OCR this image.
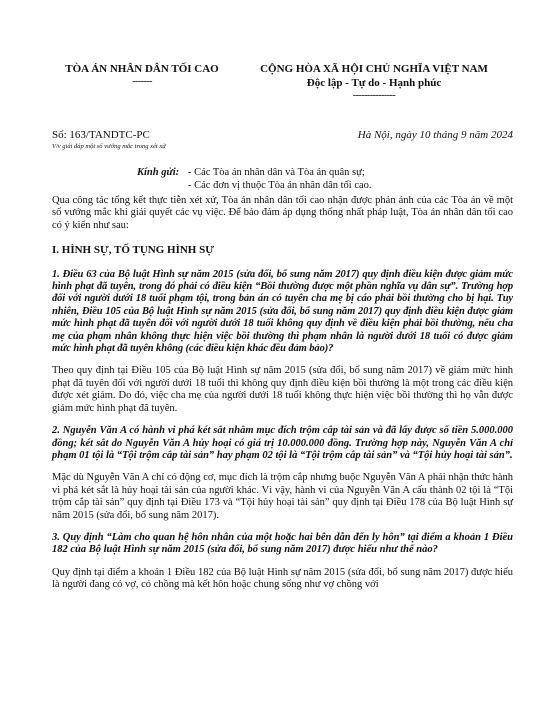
TÒA ÁN NHÂN DÂN TỐI CAO
-------
CỘNG HÒA XÃ HỘI CHỦ NGHĨA VIỆT NAM
Độc lập - Tự do - Hạnh phúc
---------------
Số: 163/TANDTC-PC
V/v giải đáp một số vướng mắc trong xét xử
Hà Nội, ngày 10 tháng 9 năm 2024
Kính gửi: - Các Tòa án nhân dân và Tòa án quân sự;
- Các đơn vị thuộc Tòa án nhân dân tối cao.

Qua công tác tổng kết thực tiễn xét xử, Tòa án nhân dân tối cao nhận được phản ánh của các Tòa án về một số vướng mắc khi giải quyết các vụ việc. Để bảo đảm áp dụng thống nhất pháp luật, Tòa án nhân dân tối cao có ý kiến như sau:

I. HÌNH SỰ, TỐ TỤNG HÌNH SỰ

1. Điều 63 của Bộ luật Hình sự năm 2015 (sửa đổi, bổ sung năm 2017) quy định điều kiện được giảm mức hình phạt đã tuyên, trong đó phải có điều kiện “Bồi thường được một phần nghĩa vụ dân sự”. Trường hợp đối với người dưới 18 tuổi phạm tội, trong bản án có tuyên cha mẹ bị cáo phải bồi thường cho bị hại. Tuy nhiên, Điều 105 của Bộ luật Hình sự năm 2015 (sửa đổi, bổ sung năm 2017) quy định điều kiện được giảm mức hình phạt đã tuyên đối với người dưới 18 tuổi không quy định về điều kiện phải bồi thường, nếu cha mẹ của phạm nhân không thực hiện việc bồi thường thì phạm nhân là người dưới 18 tuổi có được giảm mức hình phạt đã tuyên không (các điều kiện khác đều đảm bảo)?

Theo quy định tại Điều 105 của Bộ luật Hình sự năm 2015 (sửa đổi, bổ sung năm 2017) về giảm mức hình phạt đã tuyên đối với người dưới 18 tuổi thì không quy định điều kiện bồi thường là một trong các điều kiện được xét giảm. Do đó, việc cha mẹ của người dưới 18 tuổi không thực hiện việc bồi thường thì họ vẫn được giảm mức hình phạt đã tuyên.

2. Nguyễn Văn A có hành vi phá két sắt nhằm mục đích trộm cắp tài sản và đã lấy được số tiền 5.000.000 đồng; két sắt do Nguyễn Văn A hủy hoại có giá trị 10.000.000 đồng. Trường hợp này, Nguyễn Văn A chỉ phạm 01 tội là “Tội trộm cắp tài sản” hay phạm 02 tội là “Tội trộm cắp tài sản” và “Tội hủy hoại tài sản”.

Mặc dù Nguyễn Văn A chỉ có động cơ, mục đích là trộm cắp nhưng buộc Nguyễn Văn A phải nhận thức hành vi phá két sắt là hủy hoại tài sản của người khác. Vì vậy, hành vi của Nguyễn Văn A cấu thành 02 tội là “Tội trộm cắp tài sản” quy định tại Điều 173 và “Tội hủy hoại tài sản” quy định tại Điều 178 của Bộ luật Hình sự năm 2015 (sửa đổi, bổ sung năm 2017).

3. Quy định “Làm cho quan hệ hôn nhân của một hoặc hai bên dẫn đến ly hôn” tại điểm a khoản 1 Điều 182 của Bộ luật Hình sự năm 2015 (sửa đổi, bổ sung năm 2017) được hiểu như thế nào?

Quy định tại điểm a khoản 1 Điều 182 của Bộ luật Hình sự năm 2015 (sửa đổi, bổ sung năm 2017) được hiểu là người đang có vợ, có chồng mà kết hôn hoặc chung sống như vợ chồng với
